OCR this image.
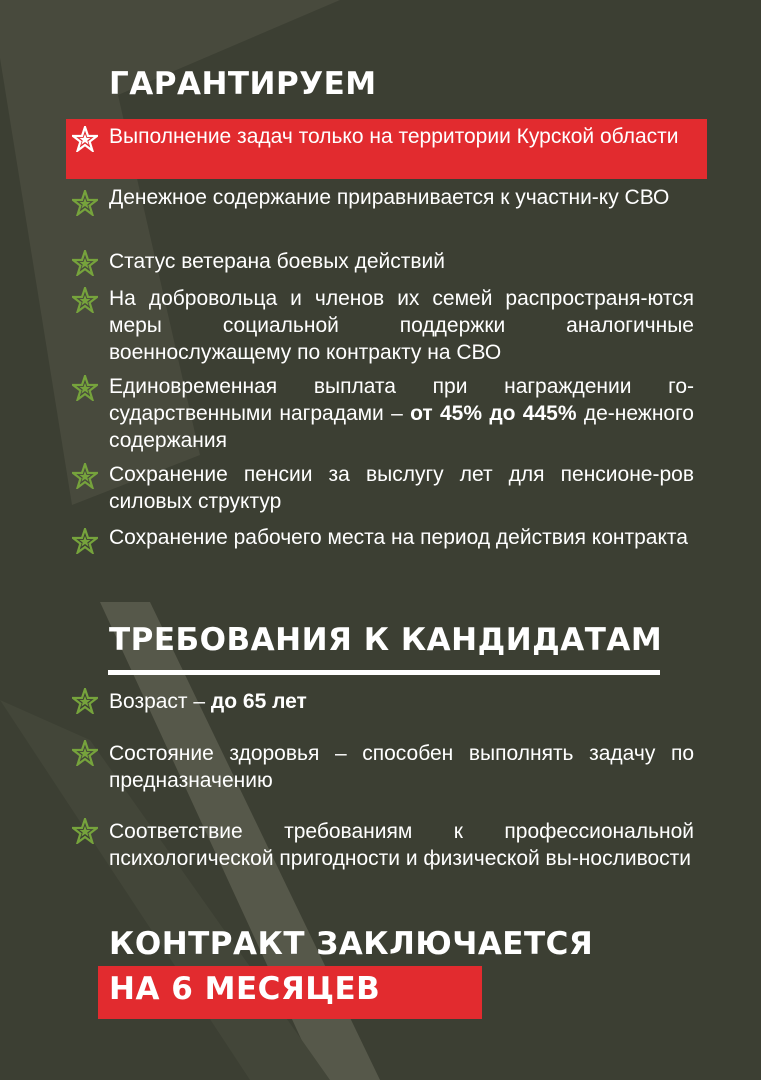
ГАРАНТИРУЕМ

Выполнение задач только на территории Курской области

Денежное содержание приравнивается к участни-ку СВО

Статус ветерана боевых действий

На добровольца и членов их семей распространя-ются меры социальной поддержки аналогичные военнослужащему по контракту на СВО

Единовременная выплата при награждении го-сударственными наградами – от 45% до 445% де-нежного содержания

Сохранение пенсии за выслугу лет для пенсионе-ров силовых структур

Сохранение рабочего места на период действия контракта

ТРЕБОВАНИЯ К КАНДИДАТАМ

Возраст – до 65 лет

Состояние здоровья – способен выполнять задачу по предназначению

Соответствие требованиям к профессиональной психологической пригодности и физической вы-носливости

КОНТРАКТ ЗАКЛЮЧАЕТСЯ
НА 6 МЕСЯЦЕВ
